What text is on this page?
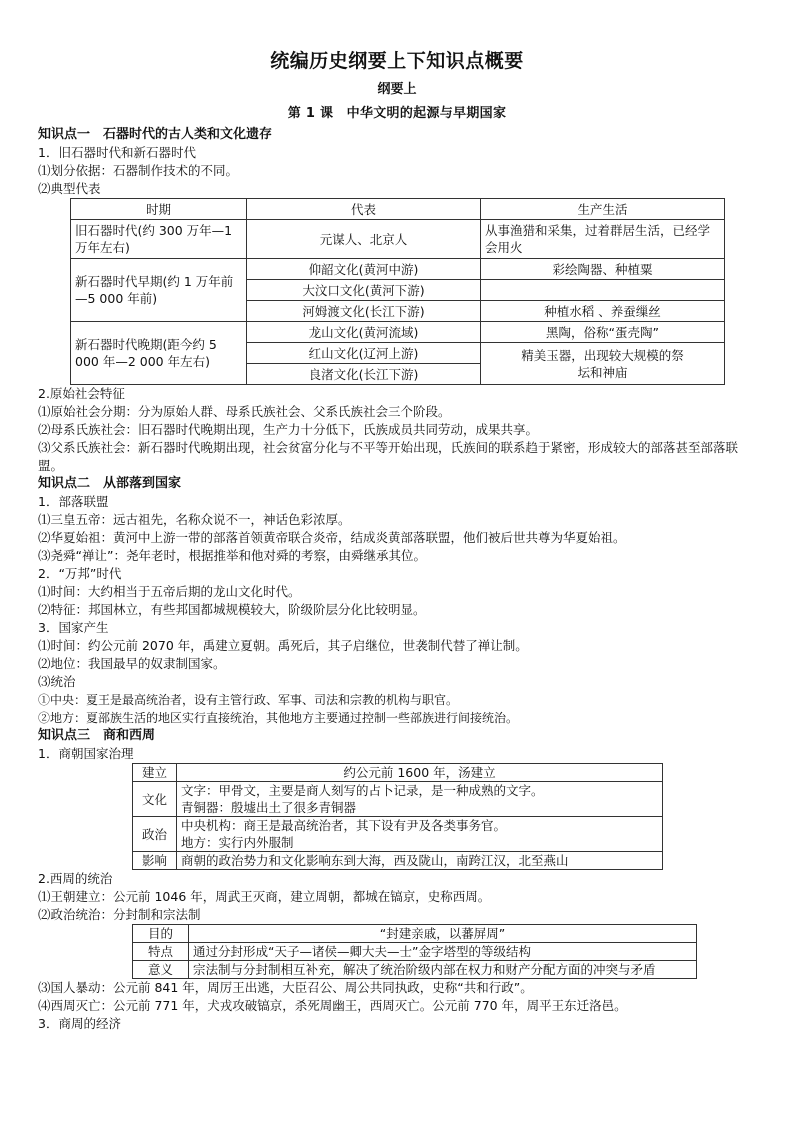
统编历史纲要上下知识点概要
纲要上
第 1 课　中华文明的起源与早期国家

知识点一　石器时代的古人类和文化遗存

1．旧石器时代和新石器时代

⑴划分依据：石器制作技术的不同。

⑵典型代表

时期	代表	生产生活
旧石器时代(约 300 万年—1 万年左右)	元谋人、北京人	从事渔猎和采集，过着群居生活，已经学会用火
新石器时代早期(约 1 万年前—5 000 年前)	仰韶文化(黄河中游)	彩绘陶器、种植粟
	大汶口文化(黄河下游)	
	河姆渡文化(长江下游)	种植水稻 、养蚕缫丝
新石器时代晚期(距今约 5 000 年—2 000 年左右)	龙山文化(黄河流域)	黑陶，俗称“蛋壳陶”
	红山文化(辽河上游)	精美玉器，出现较大规模的祭坛和神庙
	良渚文化(长江下游)	

2.原始社会特征

⑴原始社会分期：分为原始人群、母系氏族社会、父系氏族社会三个阶段。

⑵母系氏族社会：旧石器时代晚期出现，生产力十分低下，氏族成员共同劳动，成果共享。

⑶父系氏族社会：新石器时代晚期出现，社会贫富分化与不平等开始出现，氏族间的联系趋于紧密，形成较大的部落甚至部落联盟。

知识点二　从部落到国家

1．部落联盟

⑴三皇五帝：远古祖先，名称众说不一，神话色彩浓厚。

⑵华夏始祖：黄河中上游一带的部落首领黄帝联合炎帝，结成炎黄部落联盟，他们被后世共尊为华夏始祖。

⑶尧舜“禅让”：尧年老时，根据推举和他对舜的考察，由舜继承其位。

2．“万邦”时代

⑴时间：大约相当于五帝后期的龙山文化时代。

⑵特征：邦国林立，有些邦国都城规模较大，阶级阶层分化比较明显。

3．国家产生

⑴时间：约公元前 2070 年，禹建立夏朝。禹死后，其子启继位，世袭制代替了禅让制。

⑵地位：我国最早的奴隶制国家。

⑶统治

①中央：夏王是最高统治者，设有主管行政、军事、司法和宗教的机构与职官。

②地方：夏部族生活的地区实行直接统治，其他地方主要通过控制一些部族进行间接统治。

知识点三　商和西周

1．商朝国家治理

建立	约公元前 1600 年，汤建立
文化	文字：甲骨文，主要是商人刻写的占卜记录，是一种成熟的文字。
青铜器：殷墟出土了很多青铜器

政治	中央机构：商王是最高统治者，其下设有尹及各类事务官。
地方：实行内外服制

影响	商朝的政治势力和文化影响东到大海，西及陇山，南跨江汉，北至燕山

2.西周的统治

⑴王朝建立：公元前 1046 年，周武王灭商，建立周朝，都城在镐京，史称西周。

⑵政治统治：分封制和宗法制

目的	“封建亲戚，以蕃屏周”
特点	通过分封形成“天子—诸侯—卿大夫—士”金字塔型的等级结构
意义	宗法制与分封制相互补充，解决了统治阶级内部在权力和财产分配方面的冲突与矛盾

⑶国人暴动：公元前 841 年，周厉王出逃，大臣召公、周公共同执政，史称“共和行政”。

⑷西周灭亡：公元前 771 年，犬戎攻破镐京，杀死周幽王，西周灭亡。公元前 770 年，周平王东迁洛邑。

3．商周的经济
